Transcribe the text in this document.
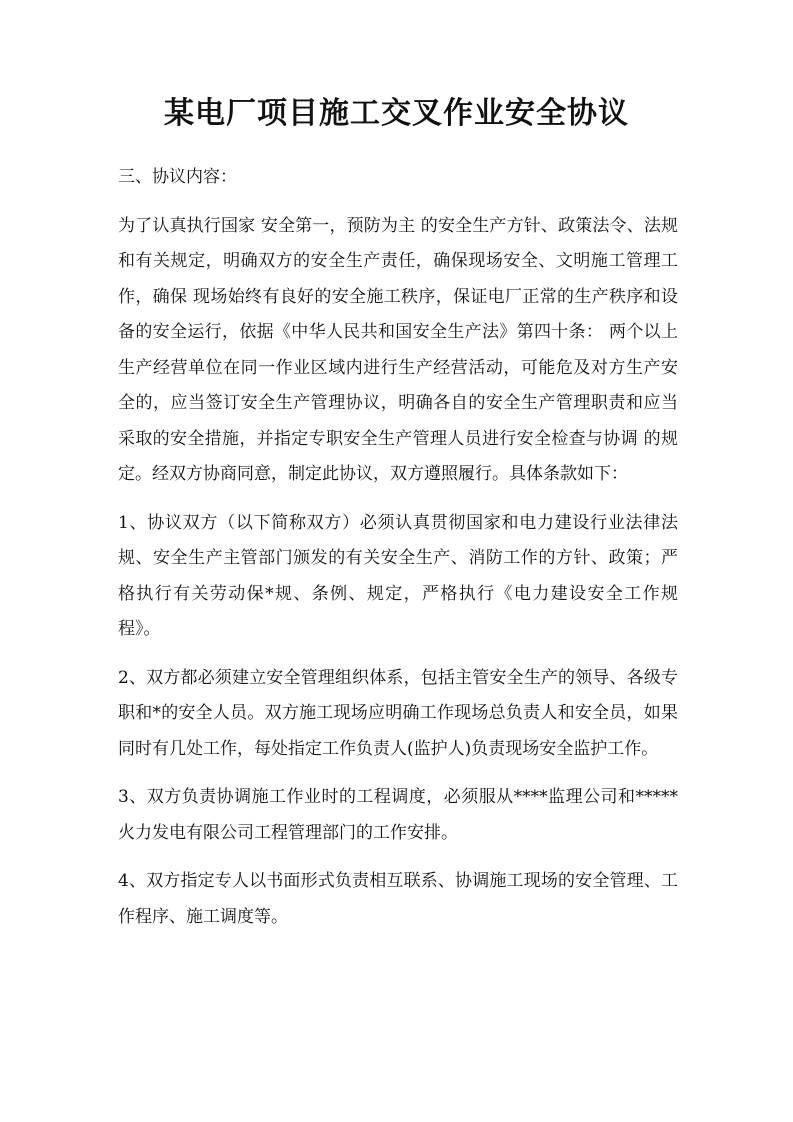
某电厂项目施工交叉作业安全协议

三、协议内容：

为了认真执行国家 安全第一，预防为主 的安全生产方针、政策法令、法规和有关规定，明确双方的安全生产责任，确保现场安全、文明施工管理工作，确保 现场始终有良好的安全施工秩序，保证电厂正常的生产秩序和设备的安全运行，依据《中华人民共和国安全生产法》第四十条： 两个以上生产经营单位在同一作业区域内进行生产经营活动，可能危及对方生产安全的，应当签订安全生产管理协议，明确各自的安全生产管理职责和应当采取的安全措施，并指定专职安全生产管理人员进行安全检查与协调 的规定。经双方协商同意，制定此协议，双方遵照履行。具体条款如下：

1、协议双方（以下简称双方）必须认真贯彻国家和电力建设行业法律法规、安全生产主管部门颁发的有关安全生产、消防工作的方针、政策；严格执行有关劳动保*规、条例、规定，严格执行《电力建设安全工作规程》。

2、双方都必须建立安全管理组织体系，包括主管安全生产的领导、各级专职和*的安全人员。双方施工现场应明确工作现场总负责人和安全员，如果同时有几处工作，每处指定工作负责人(监护人)负责现场安全监护工作。

3、双方负责协调施工作业时的工程调度，必须服从****监理公司和*****火力发电有限公司工程管理部门的工作安排。

4、双方指定专人以书面形式负责相互联系、协调施工现场的安全管理、工作程序、施工调度等。
